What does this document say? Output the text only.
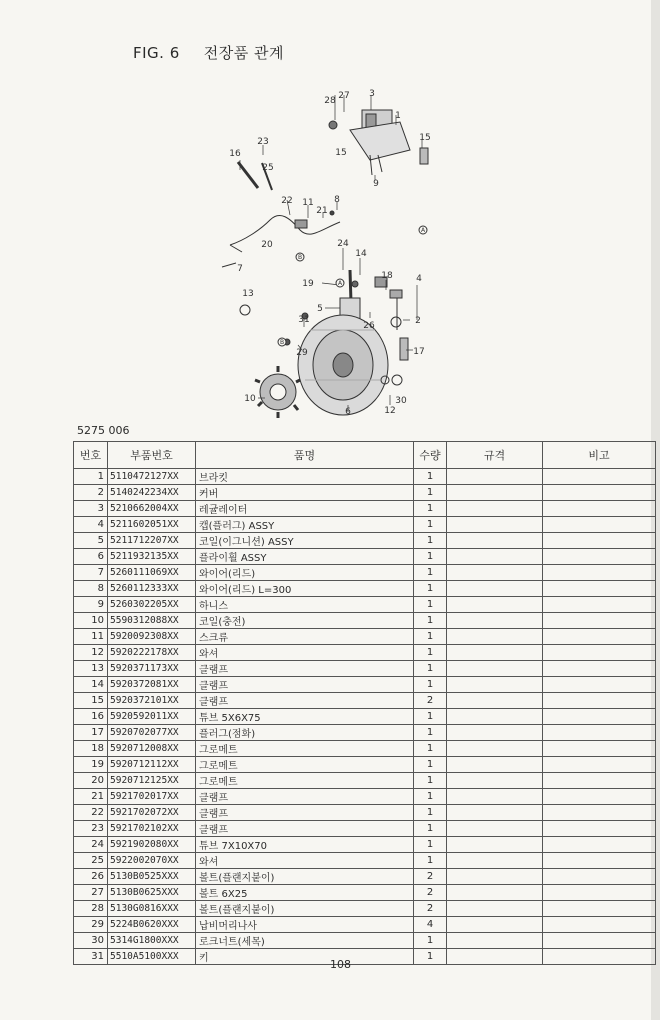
FIG. 6 전장품 관계
A
B
A
B
28 27 3
1
15
15
9
23
16
25
22 11 8
21
20
7
24
14
18	4
19
5
13
31
26	2
17
29
10
6	12
30
5275 006
번호	부품번호	품명	수량	규격	비고
1	5110472127XX	브라킷	1		
2	5140242234XX	커버	1		
3	5210662004XX	레귤레이터	1		
4	5211602051XX	캡(플러그) ASSY	1		
5	5211712207XX	코일(이그니션) ASSY	1		
6	5211932135XX	플라이휠 ASSY	1		
7	5260111069XX	와이어(리드)	1		
8	5260112333XX	와이어(리드) L=300	1		
9	5260302205XX	하니스	1		
10	5590312088XX	코일(충전)	1		
11	5920092308XX	스크류	1		
12	5920222178XX	와셔	1		
13	5920371173XX	클램프	1		
14	5920372081XX	클램프	1		
15	5920372101XX	클램프	2		
16	5920592011XX	튜브 5X6X75	1		
17	5920702077XX	플러그(점화)	1		
18	5920712008XX	그로메트	1		
19	5920712112XX	그로메트	1		
20	5920712125XX	그로메트	1		
21	5921702017XX	클램프	1		
22	5921702072XX	클램프	1		
23	5921702102XX	클램프	1		
24	5921902080XX	튜브 7X10X70	1		
25	5922002070XX	와셔	1		
26	5130B0525XXX	볼트(플랜지붙이)	2		
27	5130B0625XXX	볼트 6X25	2		
28	5130G0816XXX	볼트(플랜지붙이)	2		
29	5224B0620XXX	납비머리나사	4		
30	5314G1800XXX	로크너트(세목)	1		
31	5510A5100XXX	키	1		
108
